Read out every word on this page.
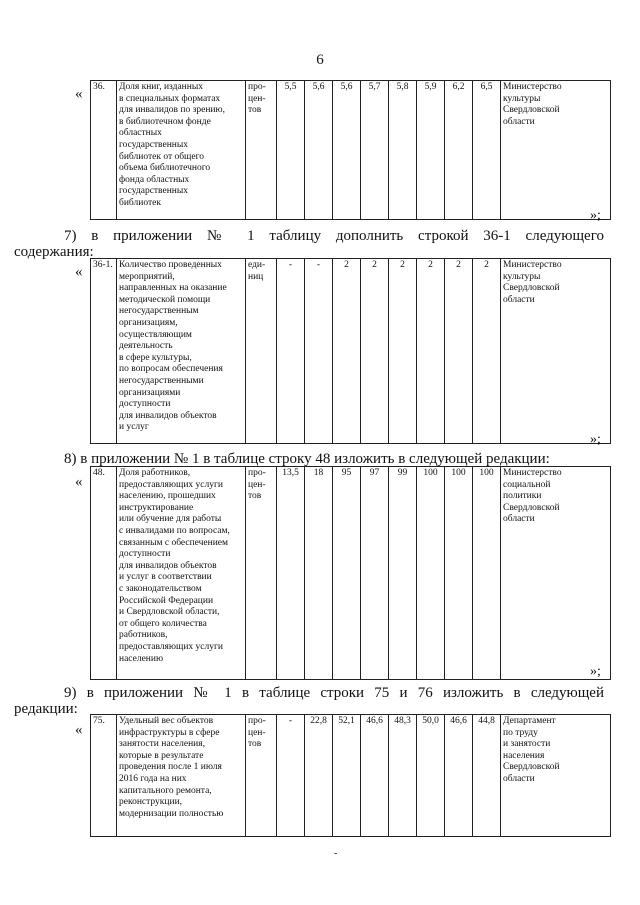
6
« 36.	Доля книг, изданных
в специальных форматах
для инвалидов по зрению,
в библиотечном фонде
областных
государственных
библиотек от общего
объема библиотечного
фонда областных
государственных
библиотек	про-
цен-
тов	5,5	5,6	5,6	5,7	5,8	5,9	6,2	6,5	Министерство
культуры
Свердловской
области
»;
7) в приложении № 1 таблицу дополнить строкой 36-1 следующего
содержания:
« 36-1.	Количество проведенных
мероприятий,
направленных на оказание
методической помощи
негосударственным
организациям,
осуществляющим
деятельность
в сфере культуры,
по вопросам обеспечения
негосударственными
организациями
доступности
для инвалидов объектов
и услуг	еди-
ниц	-	-	2	2	2	2	2	2	Министерство
культуры
Свердловской
области
»;
8) в приложении № 1 в таблице строку 48 изложить в следующей редакции:
«
48.	Доля работников,
предоставляющих услуги
населению, прошедших
инструктирование
или обучение для работы
с инвалидами по вопросам,
связанным с обеспечением
доступности
для инвалидов объектов
и услуг в соответствии
с законодательством
Российской Федерации
и Свердловской области,
от общего количества
работников,
предоставляющих услуги
населению	про-
цен-
тов	13,5	18	95	97	99	100	100	100	Министерство
социальной
политики
Свердловской
области
»;
9) в приложении № 1 в таблице строки 75 и 76 изложить в следующей
редакции:
«
75.	Удельный вес объектов
инфраструктуры в сфере
занятости населения,
которые в результате
проведения после 1 июля
2016 года на них
капитального ремонта,
реконструкции,
модернизации полностью	про-
цен-
тов	-	22,8	52,1	46,6	48,3	50,0	46,6	44,8	Департамент
по труду
и занятости
населения
Свердловской
области
-
